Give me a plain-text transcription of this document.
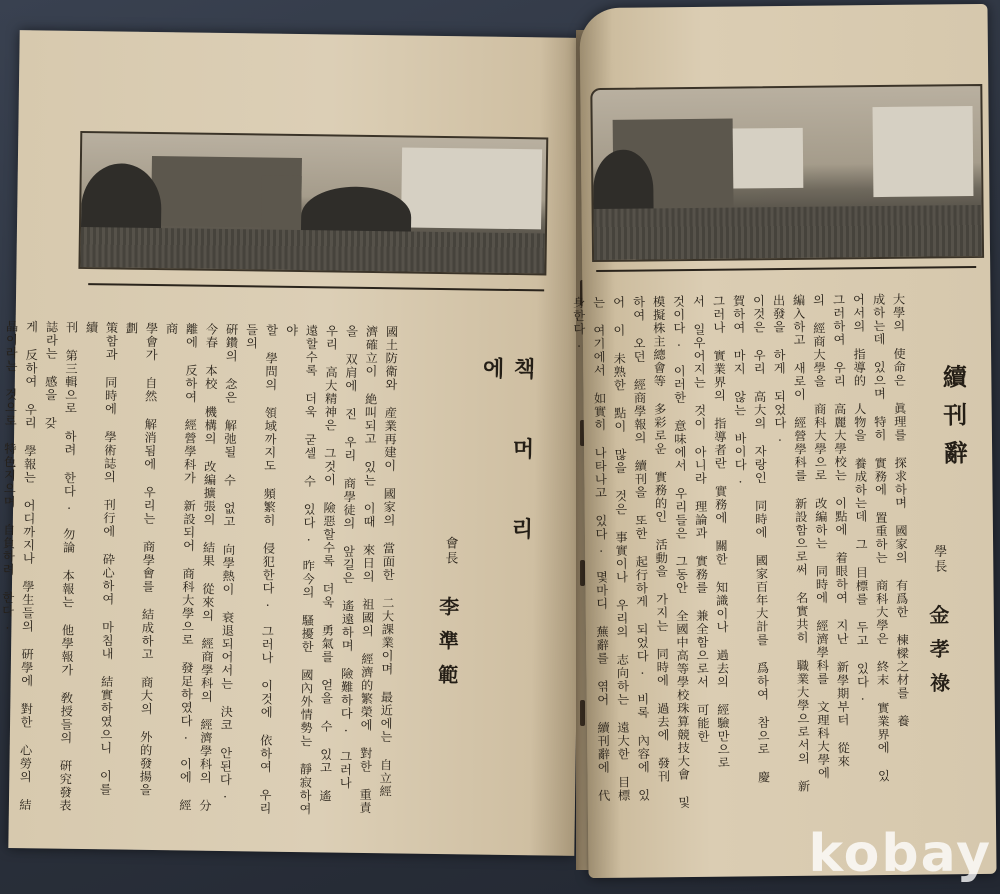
책 머 리 에
會長
李準範
國土防衛와 産業再建이 國家의 當面한 二大課業이며 最近에는 自立經
濟確立이 絶叫되고 있는 이때 來日의 祖國의 經濟的繁榮에 對한 重責
을 双肩에 진 우리 商學徒의 앞길은 遙遠하며 險難하다. 그러나
우리 高大精神은 그것이 險惡할수록 더욱 勇氣를 얻을 수 있고 遙
遠할수록 더욱 굳셀 수 있다. 昨今의 騷擾한 國內外情勢는 靜寂하여야
할 學問의 領域까지도 頻繁히 侵犯한다. 그러나 이것에 依하여 우리들의
硏鑽의 念은 解弛될 수 없고 向學熱이 衰退되어서는 決코 안된다.
今春 本校 機構의 改編擴張의 結果 從來의 經商學科의 經濟學科의 分
離에 反하여 經營學科가 新設되어 商科大學으로 發足하였다. 이에 經商
學會가 自然 解消됨에 우리는 商學會를 結成하고 商大의 外的發揚을 劃
策함과 同時에 學術誌의 刊行에 砕心하여 마침내 結實하였으니 이를 續
刊 第三輯으로 하려 한다. 勿論 本報는 他學報가 敎授들의 硏究發表誌라는 感을 갖
게 反하여 우리 學報는 어디까지나 學生들의 硏學에 對한 心勞의 結
晶이라는 것으로 特色지으며 自負하려 한다.	續刊辭
學長
金孝祿
大學의 使命은 眞理를 探求하며 國家의 有爲한 棟樑之材를 養
成하는데 있으며 特히 實務에 置重하는 商科大學은 終末 實業界에 있
어서의 指導的 人物을 養成하는데 그 目標를 두고 있다.
그러하여 우리 高麗大學校는 이點에 着眼하여 지난 新學期부터 從來
의 經商大學을 商科大學으로 改編하는 同時에 經濟學科를 文理科大學에
編入하고 새로이 經營學科를 新設함으로써 名實共히 職業大學으로서의 新
出發을 하게 되었다.
이것은 우리 高大의 자랑인 同時에 國家百年大計를 爲하여 참으로 慶
賀하여 마지 않는 바이다.
그러나 實業界의 指導者란 實務에 關한 知識이나 過去의 經驗만으로
서 일우어지는 것이 아니라 理論과 實務를 兼全함으로서 可能한
것이다. 이러한 意味에서 우리들은 그동안 全國中高等學校珠算競技大會 및
模擬株主總會等 多彩로운 實務的인 活動을 가지는 同時에 過去에 發刊
하여 오던 經商學報의 續刊을 또한 起行하게 되었다. 비록 內容에 있
어 이 未熟한 點이 많을 것은 事實이나 우리의 志向하는 遠大한 目標
는 여기에서 如實히 나타나고 있다. 몇마디 蕪辭를 엮어 續刊辭에 代
身한다.
kobay
